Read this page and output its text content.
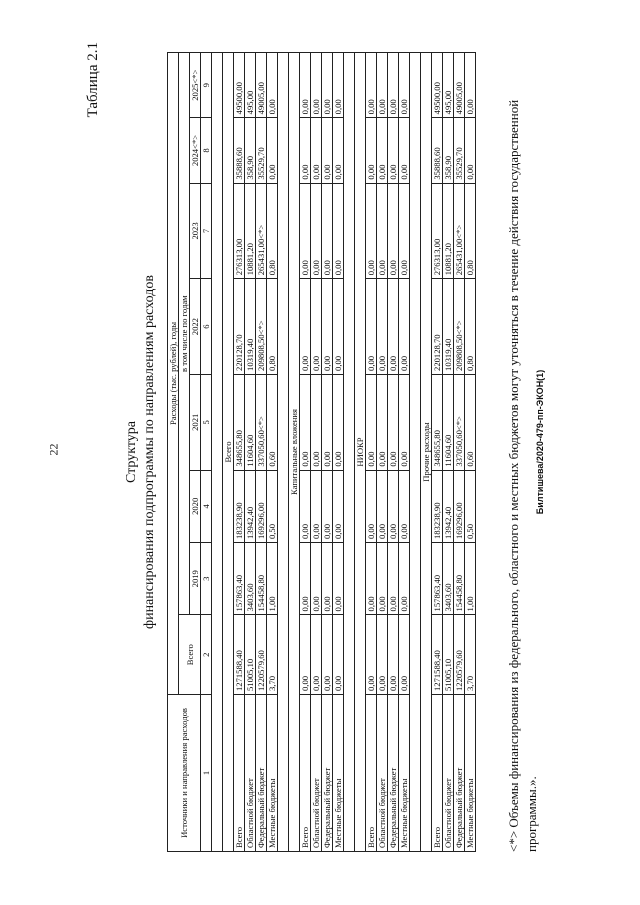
22	Билтишева/2020-479-пп-ЭКОН(1)
Таблица 2.1
Структура финансирования подпрограммы по направлениям расходов
Источники и направления расходов	Расходы (тыс. рублей), годы							
	Всего	в том числе по годам						
		2019	2020	2021	2022	2023	2024<*>	2025<*>
1	2	3	4	5	6	7	8	9

Всего								
Всего	1271588,40	157863,40	183238,90	348655,80	220128,70	276313,00	35888,60	49500,00
Областной бюджет	51005,10	3403,60	13942,40	11604,60	10319,40	10881,20	358,90	495,00
Федеральный бюджет	1220579,60	154458,80	169296,00	337050,60<*>	209808,50<*>	265431,00<*>	35529,70	49005,00
Местные бюджеты	3,70	1,00	0,50	0,60	0,80	0,80	0,00	0,00

Капитальные вложения								
Всего	0,00	0,00	0,00	0,00	0,00	0,00	0,00	0,00
Областной бюджет	0,00	0,00	0,00	0,00	0,00	0,00	0,00	0,00
Федеральный бюджет	0,00	0,00	0,00	0,00	0,00	0,00	0,00	0,00
Местные бюджеты	0,00	0,00	0,00	0,00	0,00	0,00	0,00	0,00

НИОКР								
Всего	0,00	0,00	0,00	0,00	0,00	0,00	0,00	0,00
Областной бюджет	0,00	0,00	0,00	0,00	0,00	0,00	0,00	0,00
Федеральный бюджет	0,00	0,00	0,00	0,00	0,00	0,00	0,00	0,00
Местные бюджеты	0,00	0,00	0,00	0,00	0,00	0,00	0,00	0,00

Прочие расходы								
Всего	1271588,40	157863,40	183238,90	348655,80	220128,70	276313,00	35888,60	49500,00
Областной бюджет	51005,10	3403,60	13942,40	11604,60	10319,40	10881,20	358,90	495,00
Федеральный бюджет	1220579,60	154458,80	169296,00	337050,60<*>	209808,50<*>	265431,00<*>	35529,70	49005,00
Местные бюджеты	3,70	1,00	0,50	0,60	0,80	0,80	0,00	0,00 <*> Объемы финансирования из федерального, областного и местных бюджетов могут уточняться в течение действия государственной программы.».
